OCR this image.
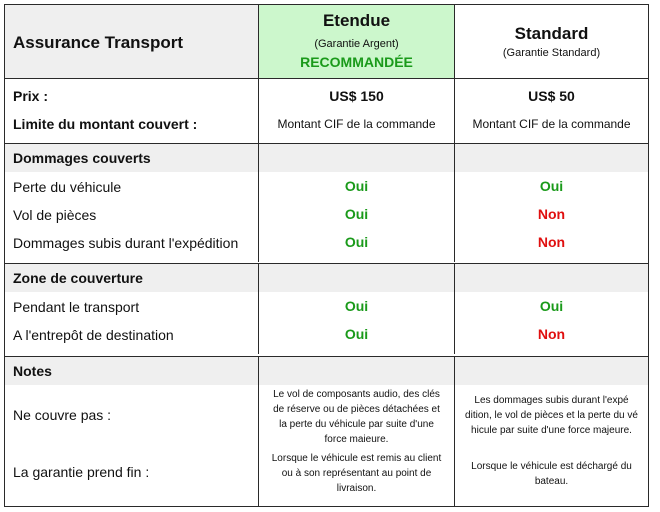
Assurance Transport
Etendue
(Garantie Argent)
RECOMMANDÉE
Standard
(Garantie Standard)
Prix :
Limite du montant couvert :
US$ 150
Montant CIF de la commande
US$ 50
Montant CIF de la commande
Dommages couverts
Perte du véhicule
Vol de pièces
Dommages subis durant l'expédition
Oui
Oui
Oui
Oui
Non
Non
Zone de couverture
Pendant le transport
A l'entrepôt de destination
Oui
Oui
Oui
Non
Notes
Ne couvre pas :
La garantie prend fin :
Le vol de composants audio, des clés
de réserve ou de pièces détachées et
la perte du véhicule par suite d'une
force maieure.
Lorsque le véhicule est remis au client
ou à son représentant au point de
livraison.
Les dommages subis durant l'expé
dition, le vol de pièces et la perte du vé
hicule par suite d'une force majeure.
Lorsque le véhicule est déchargé du
bateau.
